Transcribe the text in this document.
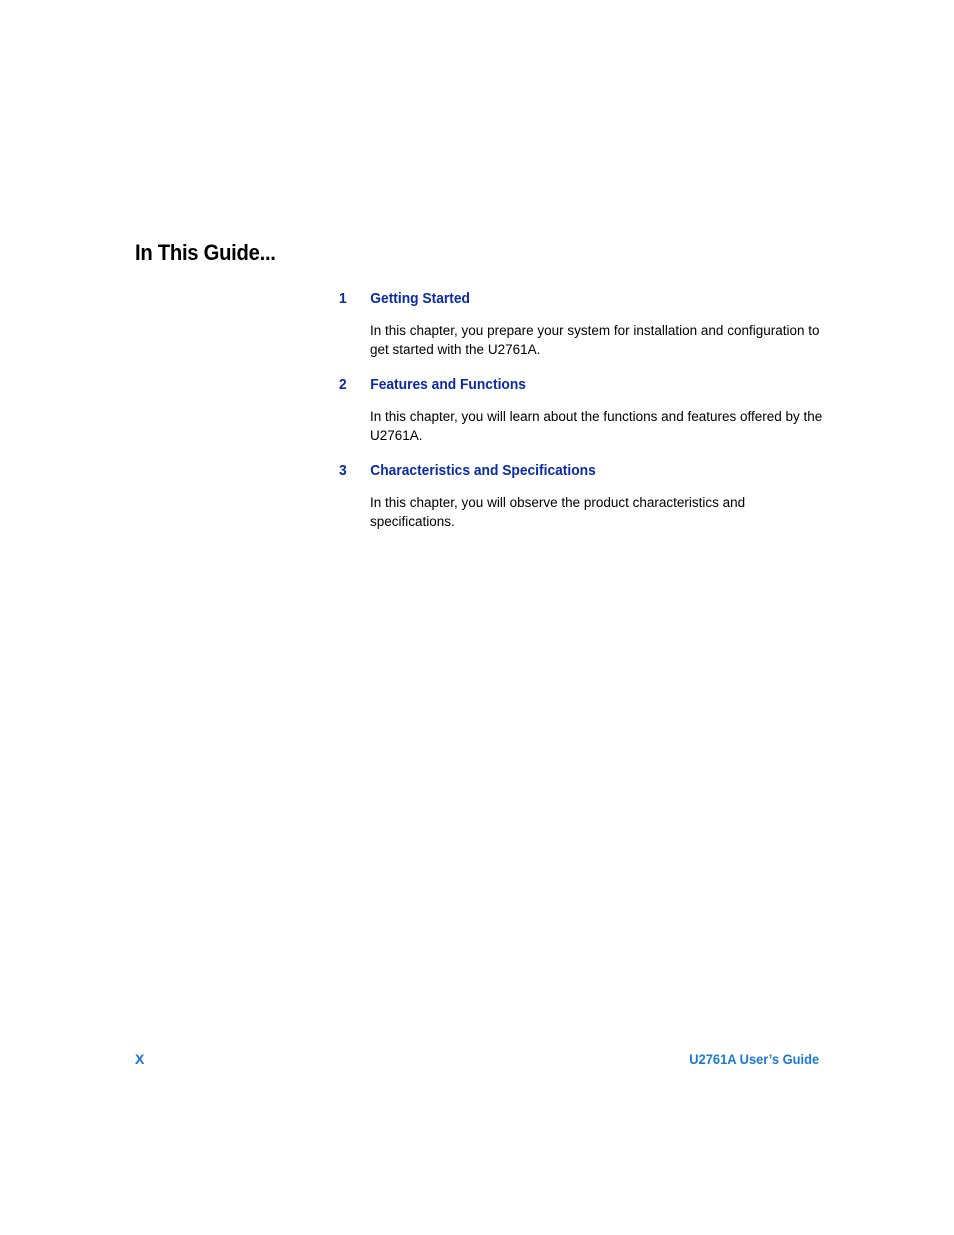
In This Guide...
1	Getting Started

In this chapter, you prepare your system for installation and configuration to get started with the U2761A.

2	Features and Functions

In this chapter, you will learn about the functions and features offered by the U2761A.

3	Characteristics and Specifications

In this chapter, you will observe the product characteristics and specifications.

X	U2761A User’s Guide
